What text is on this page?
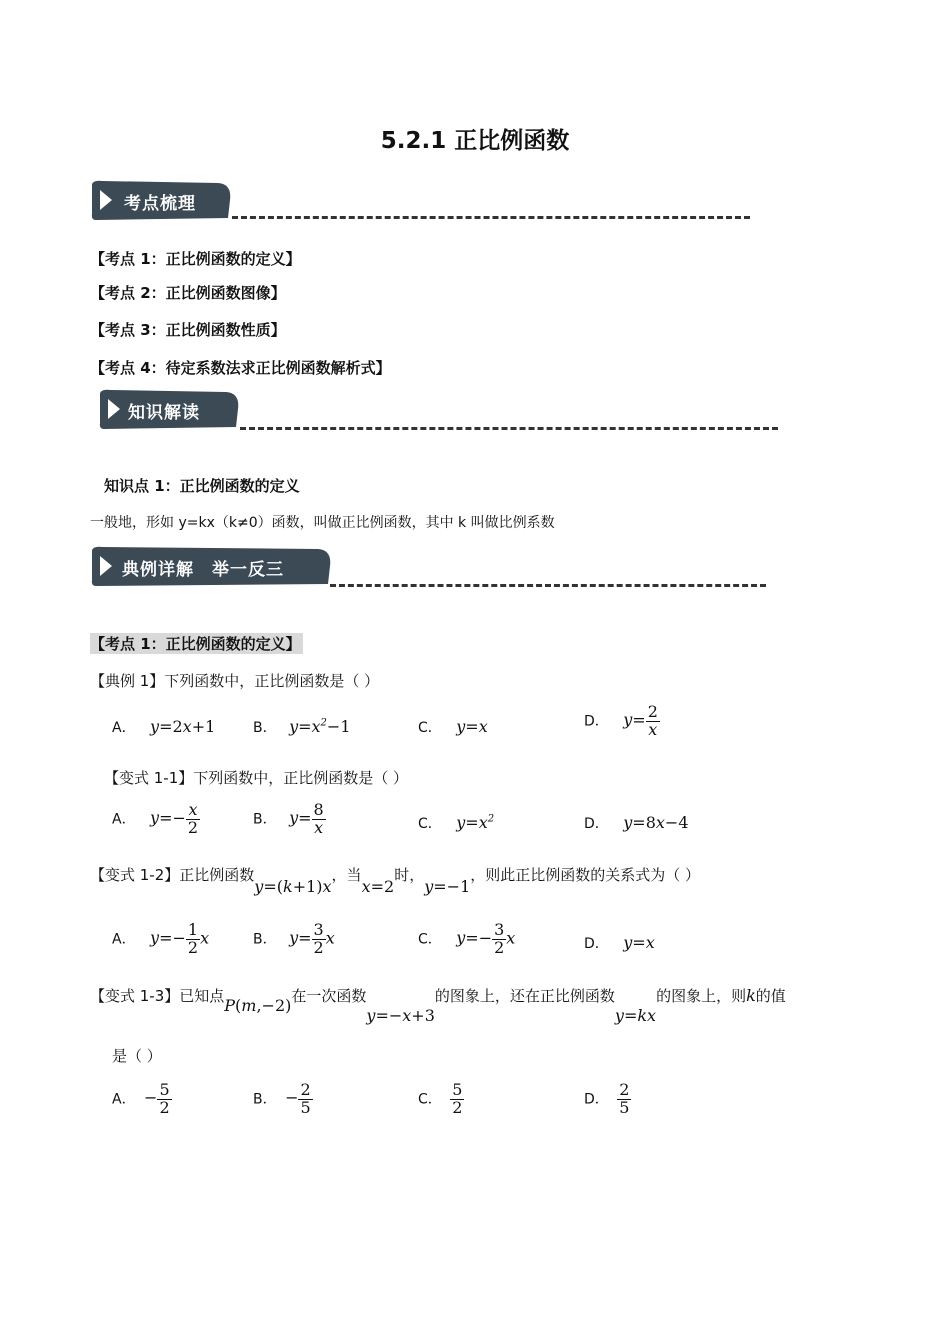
5.2.1 正比例函数
考点梳理
【考点 1：正比例函数的定义】
【考点 2：正比例函数图像】
【考点 3：正比例函数性质】
【考点 4：待定系数法求正比例函数解析式】
知识解读
知识点 1：正比例函数的定义
一般地，形如 y=kx（k≠0）函数，叫做正比例函数，其中 k 叫做比例系数
典例详解　举一反三
【考点 1：正比例函数的定义】
【典例 1】下列函数中，正比例函数是（ ）
A． y=2x+1	B． $y=x^2-1$	C． y=x	D． $y= \frac{2}{x}$
【变式 1-1】下列函数中，正比例函数是（ ）
A． $y=- \frac{x}{2}$	B． $y= \frac{8}{x}$	C． $y=x^2$	D． y=8x−4
【变式 1-2】正比例函数y=(k+1)x，当x=2时，y=−1，则此正比例函数的关系式为（ ）
A． $y=- \frac{1}{2}$ x	B． $y= \frac{3}{2}$ x	C． $y=- \frac{3}{2}$ x	D． y=x
【变式 1-3】已知点P(m,−2)在一次函数y=−x+3的图象上，还在正比例函数y=kx的图象上，则k的值
是（ ）
A． − $\frac{5}{2}$	B． − $\frac{2}{5}$	C． $\frac{5}{2}$	D． $\frac{2}{5}$
